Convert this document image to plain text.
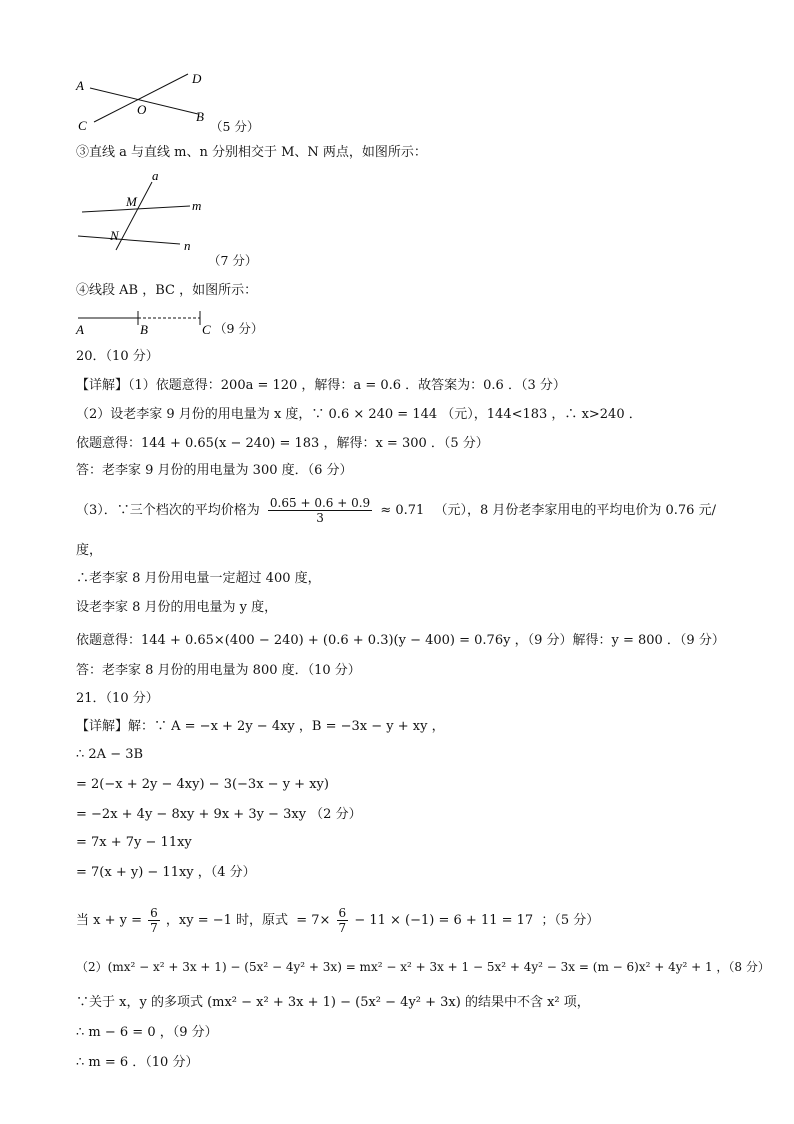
A	D
O
C
B
（5 分）
③直线 a 与直线 m、n 分别相交于 M、N 两点，如图所示：
a
M	m
N
n
（7 分）
④线段 AB ，BC ，如图所示：
A	B	C （9 分）
20．（10 分）
【详解】（1）依题意得：200a = 120 ，解得：a = 0.6 ．故答案为：0.6 ．（3 分）
（2）设老李家 9 月份的用电量为 x 度，∵ 0.6 × 240 = 144 （元），144<183 ，∴ x>240 ．
依题意得：144 + 0.65(x − 240) = 183 ，解得：x = 300 ．（5 分）
答：老李家 9 月份的用电量为 300 度．（6 分）
（3）．∵三个档次的平均价格为 $\frac{0.65 + 0.6 + 0.9}{3} \approx 0.71$ （元），8 月份老李家用电的平均电价为 0.76 元/
度，
∴老李家 8 月份用电量一定超过 400 度，
设老李家 8 月份的用电量为 y 度，
依题意得：144 + 0.65×(400 − 240) + (0.6 + 0.3)(y − 400) = 0.76y ，（9 分）解得：y = 800 ．（9 分）
答：老李家 8 月份的用电量为 800 度．（10 分）
21．（10 分）
【详解】解：∵ A = −x + 2y − 4xy ，B = −3x − y + xy ，
∴ 2A − 3B
= 2(−x + 2y − 4xy) − 3(−3x − y + xy)
= −2x + 4y − 8xy + 9x + 3y − 3xy （2 分）
= 7x + 7y − 11xy
= 7(x + y) − 11xy ，（4 分）
当 $x + y = \frac{6}{7}$ ，xy = −1 时，原式 = $7\times \frac{6}{7} - 11 \times (-1) = 6 + 11 = 17$ ；（5 分）
（2）(mx² − x² + 3x + 1) − (5x² − 4y² + 3x) = mx² − x² + 3x + 1 − 5x² + 4y² − 3x = (m − 6)x² + 4y² + 1 ，（8 分）
∵关于 x，y 的多项式 (mx² − x² + 3x + 1) − (5x² − 4y² + 3x) 的结果中不含 x² 项，
∴ m − 6 = 0 ，（9 分）
∴ m = 6 ．（10 分）
